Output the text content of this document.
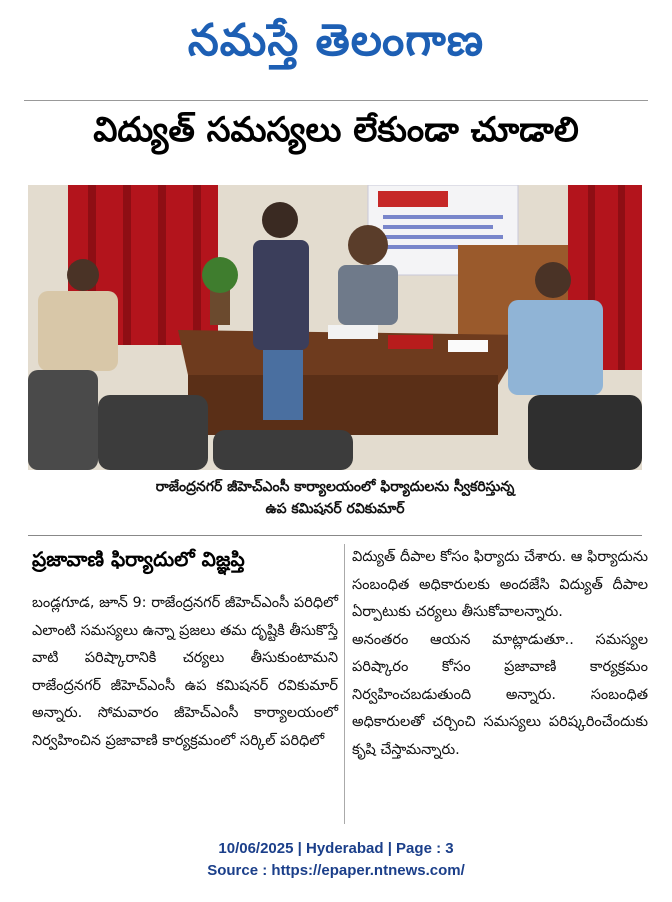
నమస్తే తెలంగాణ
విద్యుత్ సమస్యలు లేకుండా చూడాలి
రాజేంద్రనగర్ జీహెచ్ఎంసీ కార్యాలయంలో ఫిర్యాదులను స్వీకరిస్తున్న
ఉప కమిషనర్ రవికుమార్
ప్రజావాణి ఫిర్యాదులో విజ్ఞప్తి

బండ్లగూడ, జూన్ 9: రాజేంద్రనగర్ జీహెచ్ఎంసీ పరిధిలో ఎలాంటి సమస్యలు ఉన్నా ప్రజలు తమ దృష్టికి తీసుకొస్తే వాటి పరిష్కారానికి చర్యలు తీసుకుంటామని రాజేంద్రనగర్ జీహెచ్ఎంసీ ఉప కమిషనర్ రవికుమార్ అన్నారు. సోమవారం జీహెచ్ఎంసీ కార్యాలయంలో నిర్వహించిన ప్రజావాణి కార్యక్రమంలో సర్కిల్ పరిధిలో

విద్యుత్ దీపాల కోసం ఫిర్యాదు చేశారు. ఆ ఫిర్యాదును సంబంధిత అధికారులకు అందజేసి విద్యుత్ దీపాల ఏర్పాటుకు చర్యలు తీసుకోవాలన్నారు.

అనంతరం ఆయన మాట్లాడుతూ.. సమస్యల పరిష్కారం కోసం ప్రజావాణి కార్యక్రమం నిర్వహించబడుతుంది అన్నారు. సంబంధిత అధికారులతో చర్చించి సమస్యలు పరిష్కరించేందుకు కృషి చేస్తామన్నారు.

10/06/2025 | Hyderabad | Page : 3
Source : https://epaper.ntnews.com/
